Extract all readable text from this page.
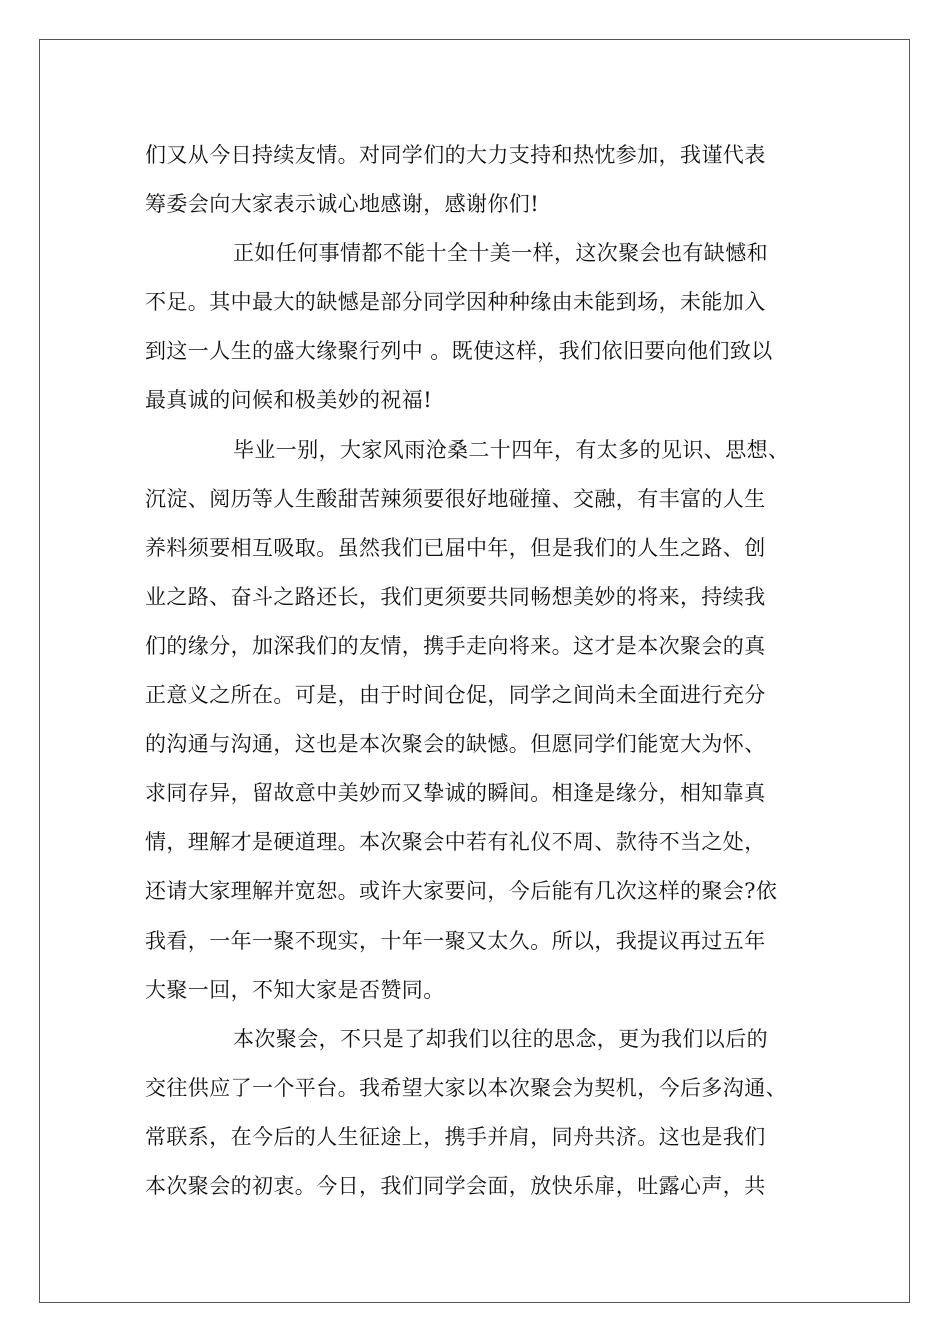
们又从今日持续友情。对同学们的大力支持和热忱参加，我谨代表
筹委会向大家表示诚心地感谢，感谢你们!
正如任何事情都不能十全十美一样，这次聚会也有缺憾和
不足。其中最大的缺憾是部分同学因种种缘由未能到场，未能加入
到这一人生的盛大缘聚行列中 。既使这样，我们依旧要向他们致以
最真诚的问候和极美妙的祝福!
毕业一别，大家风雨沧桑二十四年，有太多的见识、思想、
沉淀、阅历等人生酸甜苦辣须要很好地碰撞、交融，有丰富的人生
养料须要相互吸取。虽然我们已届中年，但是我们的人生之路、创
业之路、奋斗之路还长，我们更须要共同畅想美妙的将来，持续我
们的缘分，加深我们的友情，携手走向将来。这才是本次聚会的真
正意义之所在。可是，由于时间仓促，同学之间尚未全面进行充分
的沟通与沟通，这也是本次聚会的缺憾。但愿同学们能宽大为怀、
求同存异，留故意中美妙而又挚诚的瞬间。相逢是缘分，相知靠真
情，理解才是硬道理。本次聚会中若有礼仪不周、款待不当之处，
还请大家理解并宽恕。或许大家要问，今后能有几次这样的聚会?依
我看，一年一聚不现实，十年一聚又太久。所以，我提议再过五年
大聚一回，不知大家是否赞同。
本次聚会，不只是了却我们以往的思念，更为我们以后的
交往供应了一个平台。我希望大家以本次聚会为契机，今后多沟通、
常联系，在今后的人生征途上，携手并肩，同舟共济。这也是我们
本次聚会的初衷。今日，我们同学会面，放快乐扉，吐露心声，共
